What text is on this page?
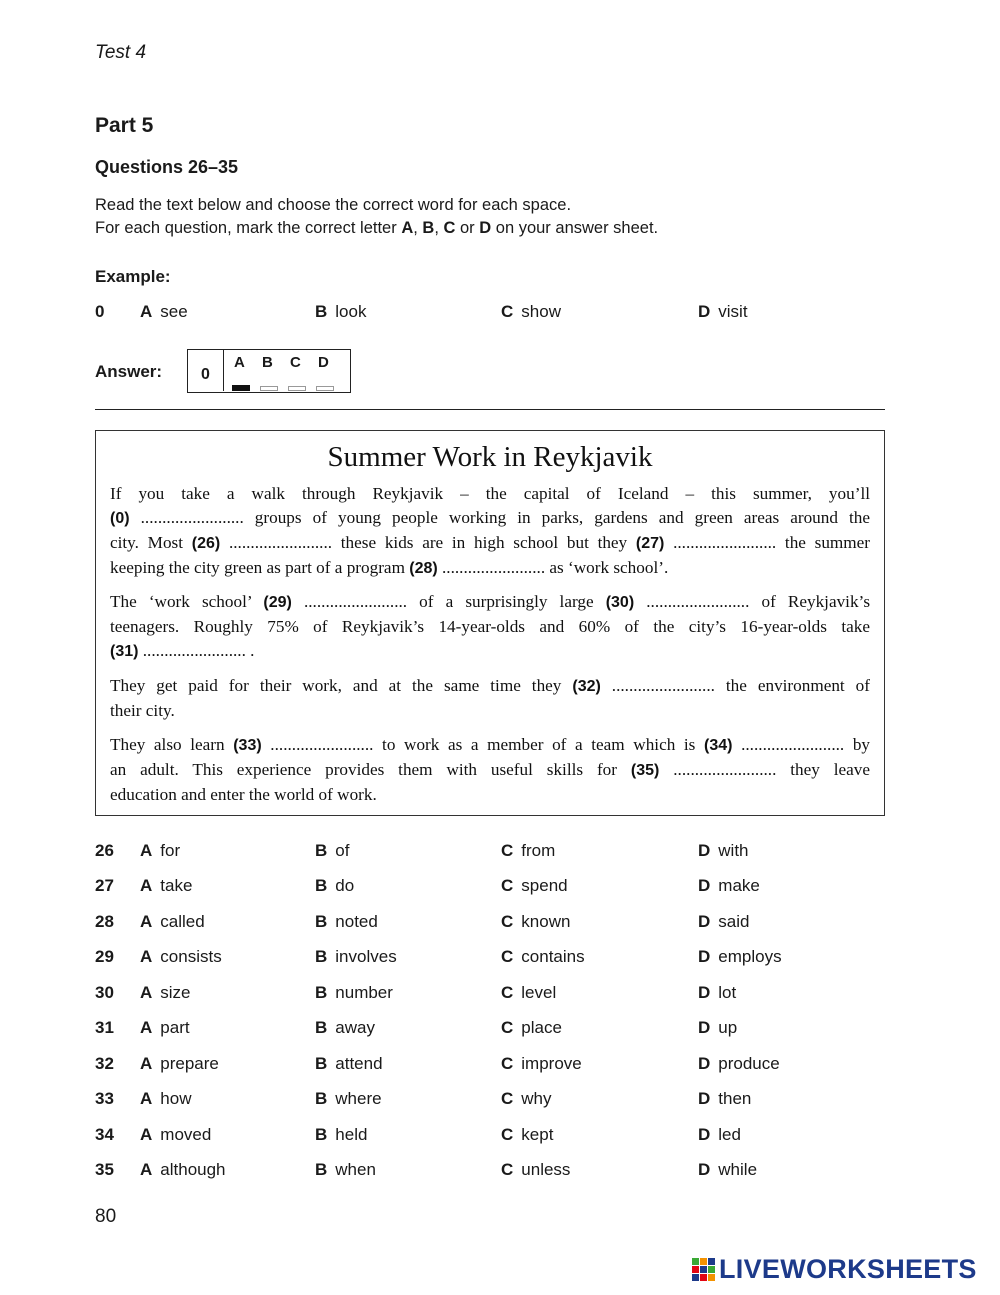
Test 4
Part 5
Questions 26–35
Read the text below and choose the correct word for each space.
For each question, mark the correct letter A, B, C or D on your answer sheet.
Example:
0 A see	B look	C show	D visit
Answer:	0
A B C D
Summer Work in Reykjavik
If you take a walk through Reykjavik – the capital of Iceland – this summer, you’ll
(0) ........................ groups of young people working in parks, gardens and green areas around the
city. Most (26) ........................ these kids are in high school but they (27) ........................ the summer
keeping the city green as part of a program (28) ........................ as ‘work school’.
The ‘work school’ (29) ........................ of a surprisingly large (30) ........................ of Reykjavik’s
teenagers. Roughly 75% of Reykjavik’s 14-year-olds and 60% of the city’s 16-year-olds take
(31) ........................ .
They get paid for their work, and at the same time they (32) ........................ the environment of
their city.
They also learn (33) ........................ to work as a member of a team which is (34) ........................ by
an adult. This experience provides them with useful skills for (35) ........................ they leave
education and enter the world of work.
26 A for	B of	C from	D with
27 A take	B do	C spend	D make
28 A called	B noted	C known	D said
29 A consists	B involves	C contains	D employs
30 A size	B number	C level	D lot
31 A part	B away	C place	D up
32 A prepare	B attend	C improve	D produce
33 A how	B where	C why	D then
34 A moved	B held	C kept	D led
35 A although	B when	C unless	D while
80
LIVEWORKSHEETS
